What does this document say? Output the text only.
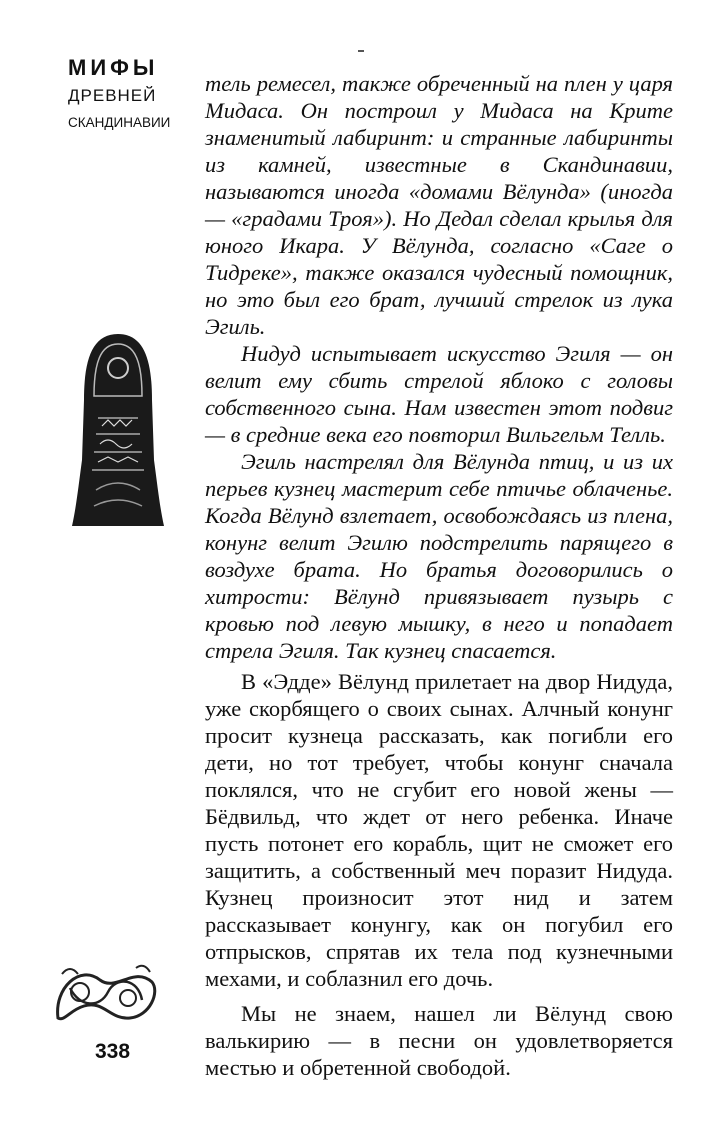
МИФЫ
ДРЕВНЕЙ
СКАНДИНАВИИ
338

тель ремесел, также обреченный на плен у царя Мидаса. Он построил у Мидаса на Крите знаменитый лабиринт: и странные лабиринты из камней, известные в Скандинавии, называются иногда «домами Вёлунда» (иногда — «градами Троя»). Но Дедал сделал крылья для юного Икара. У Вёлунда, согласно «Саге о Тидреке», также оказался чудесный помощник, но это был его брат, лучший стрелок из лука Эгиль.

Нидуд испытывает искусство Эгиля — он велит ему сбить стрелой яблоко с головы собственного сына. Нам известен этот подвиг — в средние века его повторил Вильгельм Телль.

Эгиль настрелял для Вёлунда птиц, и из их перьев кузнец мастерит себе птичье облаченье. Когда Вёлунд взлетает, освобождаясь из плена, конунг велит Эгилю подстрелить парящего в воздухе брата. Но братья договорились о хитрости: Вёлунд привязывает пузырь с кровью под левую мышку, в него и попадает стрела Эгиля. Так кузнец спасается.

В «Эдде» Вёлунд прилетает на двор Нидуда, уже скорбящего о своих сынах. Алчный конунг просит кузнеца рассказать, как погибли его дети, но тот требует, чтобы конунг сначала поклялся, что не сгубит его новой жены — Бёдвильд, что ждет от него ребенка. Иначе пусть потонет его корабль, щит не сможет его защитить, а собственный меч поразит Нидуда. Кузнец произносит этот нид и затем рассказывает конунгу, как он погубил его отпрысков, спрятав их тела под кузнечными мехами, и соблазнил его дочь.

Мы не знаем, нашел ли Вёлунд свою валькирию — в песни он удовлетворяется местью и обретенной свободой.
